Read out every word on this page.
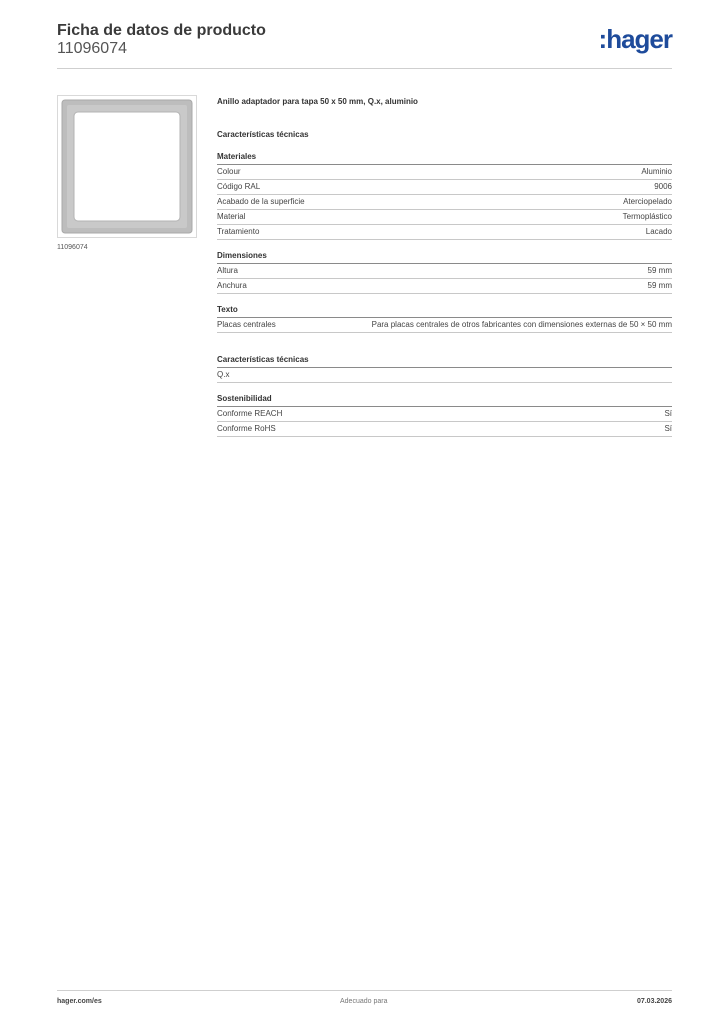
Ficha de datos de producto
11096074	:hager
11096074
Anillo adaptador para tapa 50 x 50 mm, Q.x, aluminio
Características técnicas
Materiales
Colour	Aluminio
Código RAL	9006
Acabado de la superficie	Aterciopelado
Material	Termoplástico
Tratamiento	Lacado
Dimensiones
Altura	59 mm
Anchura	59 mm
Texto
Placas centrales	Para placas centrales de otros fabricantes con dimensiones externas de 50 × 50 mm
Características técnicas
Q.x
Sostenibilidad
Conforme REACH	Sí
Conforme RoHS	Sí
hager.com/es	Adecuado para	07.03.2026
